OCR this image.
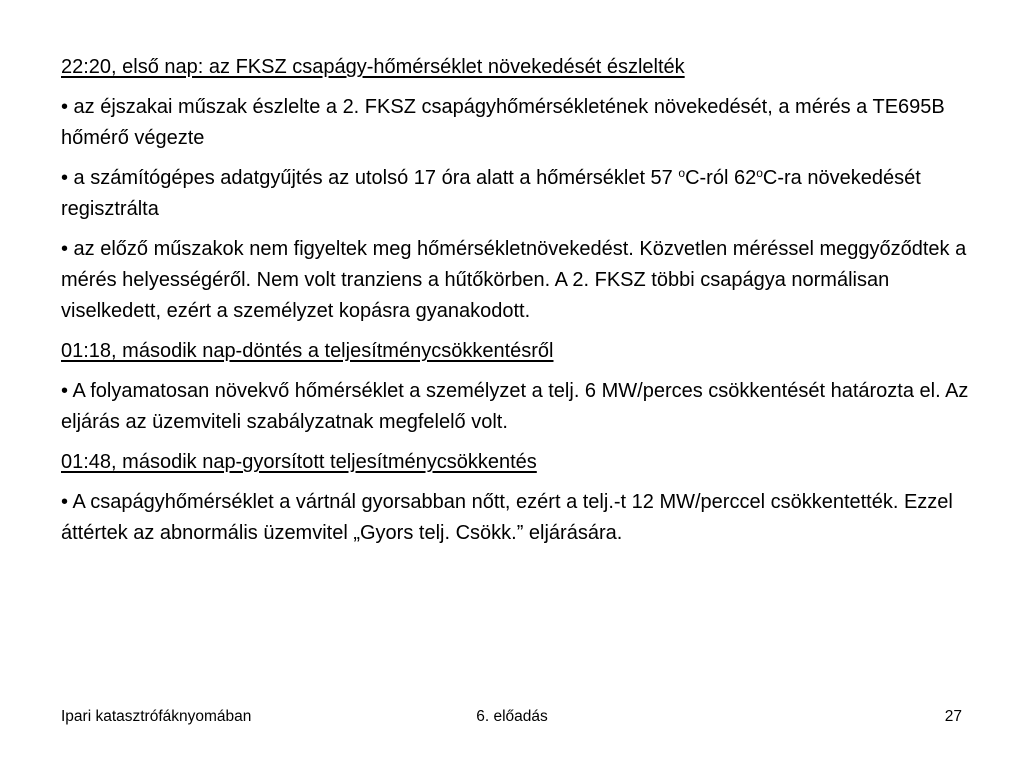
22:20, első nap: az FKSZ csapágy-hőmérséklet növekedését észlelték

• az éjszakai műszak észlelte a 2. FKSZ csapágyhőmérsékletének növekedését, a mérés a TE695B hőmérő végezte

• a számítógépes adatgyűjtés az utolsó 17 óra alatt a hőmérséklet 57 $^o$C-ról 62$^o$C-ra növekedését regisztrálta

• az előző műszakok nem figyeltek meg hőmérsékletnövekedést. Közvetlen méréssel meggyőződtek a mérés helyességéről. Nem volt tranziens a hűtőkörben. A 2. FKSZ többi csapágya normálisan viselkedett, ezért a személyzet kopásra gyanakodott.

01:18, második nap-döntés a teljesítménycsökkentésről

• A folyamatosan növekvő hőmérséklet a személyzet a telj. 6 MW/perces csökkentését határozta el. Az eljárás az üzemviteli szabályzatnak megfelelő volt.

01:48, második nap-gyorsított teljesítménycsökkentés

• A csapágyhőmérséklet a vártnál gyorsabban nőtt, ezért a telj.-t 12 MW/perccel csökkentették. Ezzel áttértek az abnormális üzemvitel „Gyors telj. Csökk.” eljárására.

6. előadás
Ipari katasztrófáknyomában	27
